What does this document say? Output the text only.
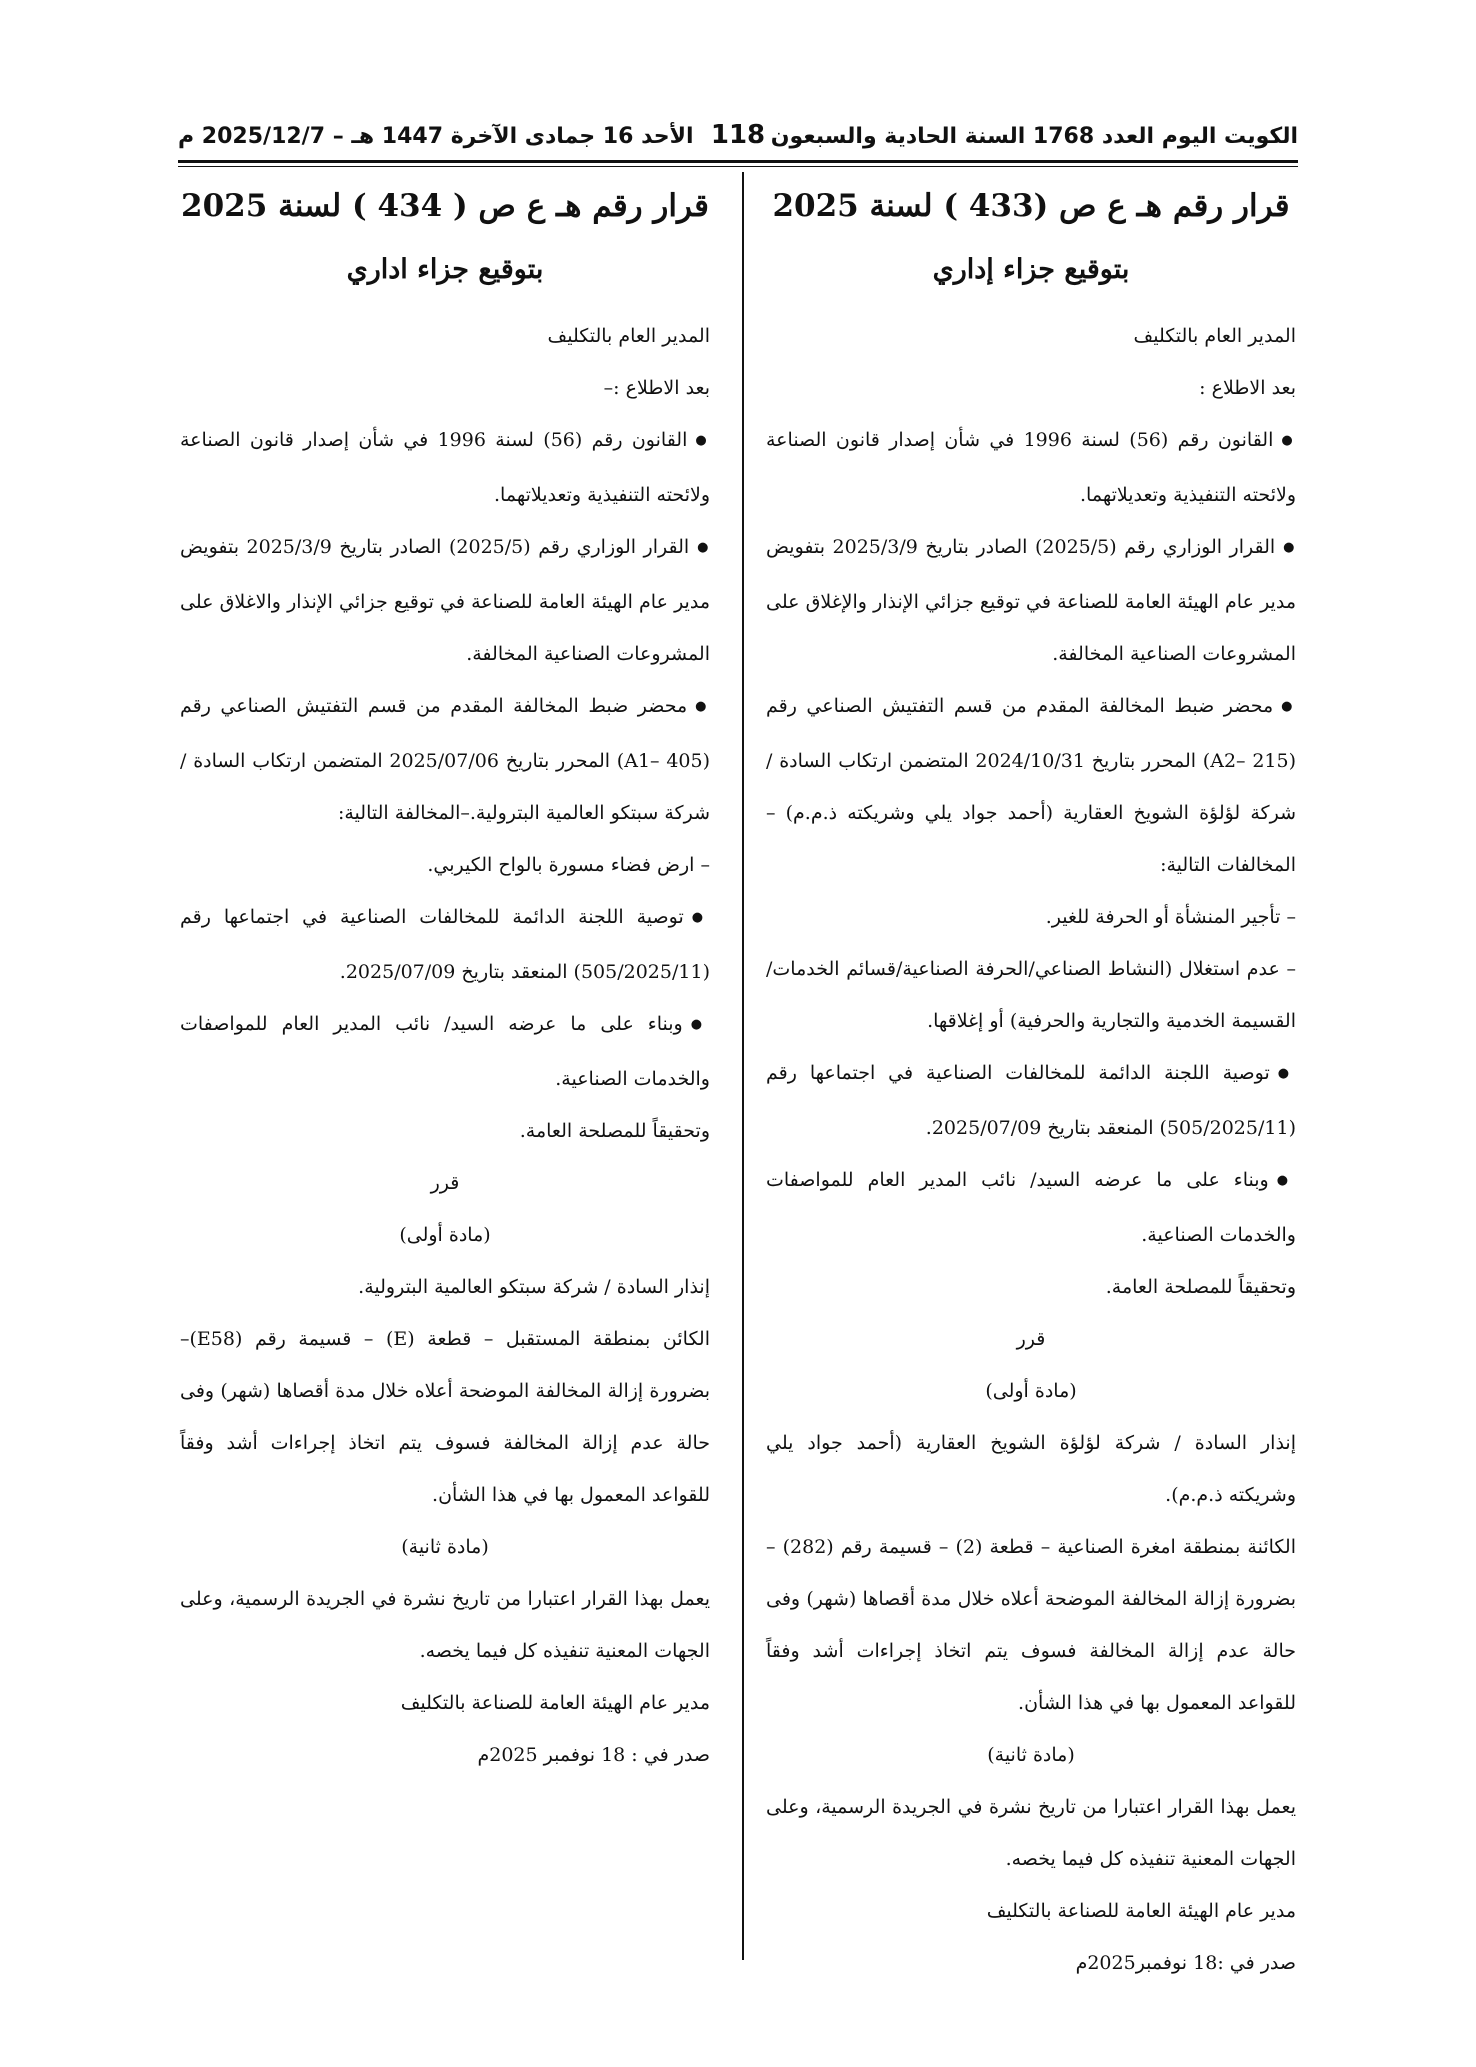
الكويت اليوم العدد 1768 السنة الحادية والسبعون
118
الأحد 16 جمادى الآخرة 1447 هـ – 2025/12/7 م
قرار رقم هـ ع ص (433 ) لسنة 2025
بتوقيع جزاء إداري

المدير العام بالتكليف

بعد الاطلاع :

● القانون رقم (56) لسنة 1996 في شأن إصدار قانون الصناعة ولائحته التنفيذية وتعديلاتهما.

● القرار الوزاري رقم (2025/5) الصادر بتاريخ 2025/3/9 بتفويض مدير عام الهيئة العامة للصناعة في توقيع جزائي الإنذار والإغلاق على المشروعات الصناعية المخالفة.

● محضر ضبط المخالفة المقدم من قسم التفتيش الصناعي رقم (A2– 215) المحرر بتاريخ 2024/10/31 المتضمن ارتكاب السادة / شركة لؤلؤة الشويخ العقارية (أحمد جواد يلي وشريكته ذ.م.م) –المخالفات التالية:

– تأجير المنشأة أو الحرفة للغير.

– عدم استغلال (النشاط الصناعي/الحرفة الصناعية/قسائم الخدمات/القسيمة الخدمية والتجارية والحرفية) أو إغلاقها.

● توصية اللجنة الدائمة للمخالفات الصناعية في اجتماعها رقم (505/2025/11) المنعقد بتاريخ 2025/07/09.

● وبناء على ما عرضه السيد/ نائب المدير العام للمواصفات والخدمات الصناعية.

وتحقيقاً للمصلحة العامة.

قرر

(مادة أولى)

إنذار السادة / شركة لؤلؤة الشويخ العقارية (أحمد جواد يلي وشريكته ذ.م.م).

الكائنة بمنطقة امغرة الصناعية – قطعة (2) – قسيمة رقم (282) – بضرورة إزالة المخالفة الموضحة أعلاه خلال مدة أقصاها (شهر) وفى حالة عدم إزالة المخالفة فسوف يتم اتخاذ إجراءات أشد وفقاً للقواعد المعمول بها في هذا الشأن.

(مادة ثانية)

يعمل بهذا القرار اعتبارا من تاريخ نشرة في الجريدة الرسمية، وعلى الجهات المعنية تنفيذه كل فيما يخصه.

مدير عام الهيئة العامة للصناعة بالتكليف

صدر في :18 نوفمبر2025م

قرار رقم هـ ع ص ( 434 ) لسنة 2025
بتوقيع جزاء اداري

المدير العام بالتكليف

بعد الاطلاع :–

● القانون رقم (56) لسنة 1996 في شأن إصدار قانون الصناعة ولائحته التنفيذية وتعديلاتهما.

● القرار الوزاري رقم (2025/5) الصادر بتاريخ 2025/3/9 بتفويض مدير عام الهيئة العامة للصناعة في توقيع جزائي الإنذار والاغلاق على المشروعات الصناعية المخالفة.

● محضر ضبط المخالفة المقدم من قسم التفتيش الصناعي رقم (A1– 405) المحرر بتاريخ 2025/07/06 المتضمن ارتكاب السادة / شركة سبتكو العالمية البترولية.–المخالفة التالية:

– ارض فضاء مسورة بالواح الكيربي.

● توصية اللجنة الدائمة للمخالفات الصناعية في اجتماعها رقم (505/2025/11) المنعقد بتاريخ 2025/07/09.

● وبناء على ما عرضه السيد/ نائب المدير العام للمواصفات والخدمات الصناعية.

وتحقيقاً للمصلحة العامة.

قرر

(مادة أولى)

إنذار السادة / شركة سبتكو العالمية البترولية.

الكائن بمنطقة المستقبل – قطعة (E) – قسيمة رقم (E58)– بضرورة إزالة المخالفة الموضحة أعلاه خلال مدة أقصاها (شهر) وفى حالة عدم إزالة المخالفة فسوف يتم اتخاذ إجراءات أشد وفقاً للقواعد المعمول بها في هذا الشأن.

(مادة ثانية)

يعمل بهذا القرار اعتبارا من تاريخ نشرة في الجريدة الرسمية، وعلى الجهات المعنية تنفيذه كل فيما يخصه.

مدير عام الهيئة العامة للصناعة بالتكليف

صدر في : 18 نوفمبر 2025م
